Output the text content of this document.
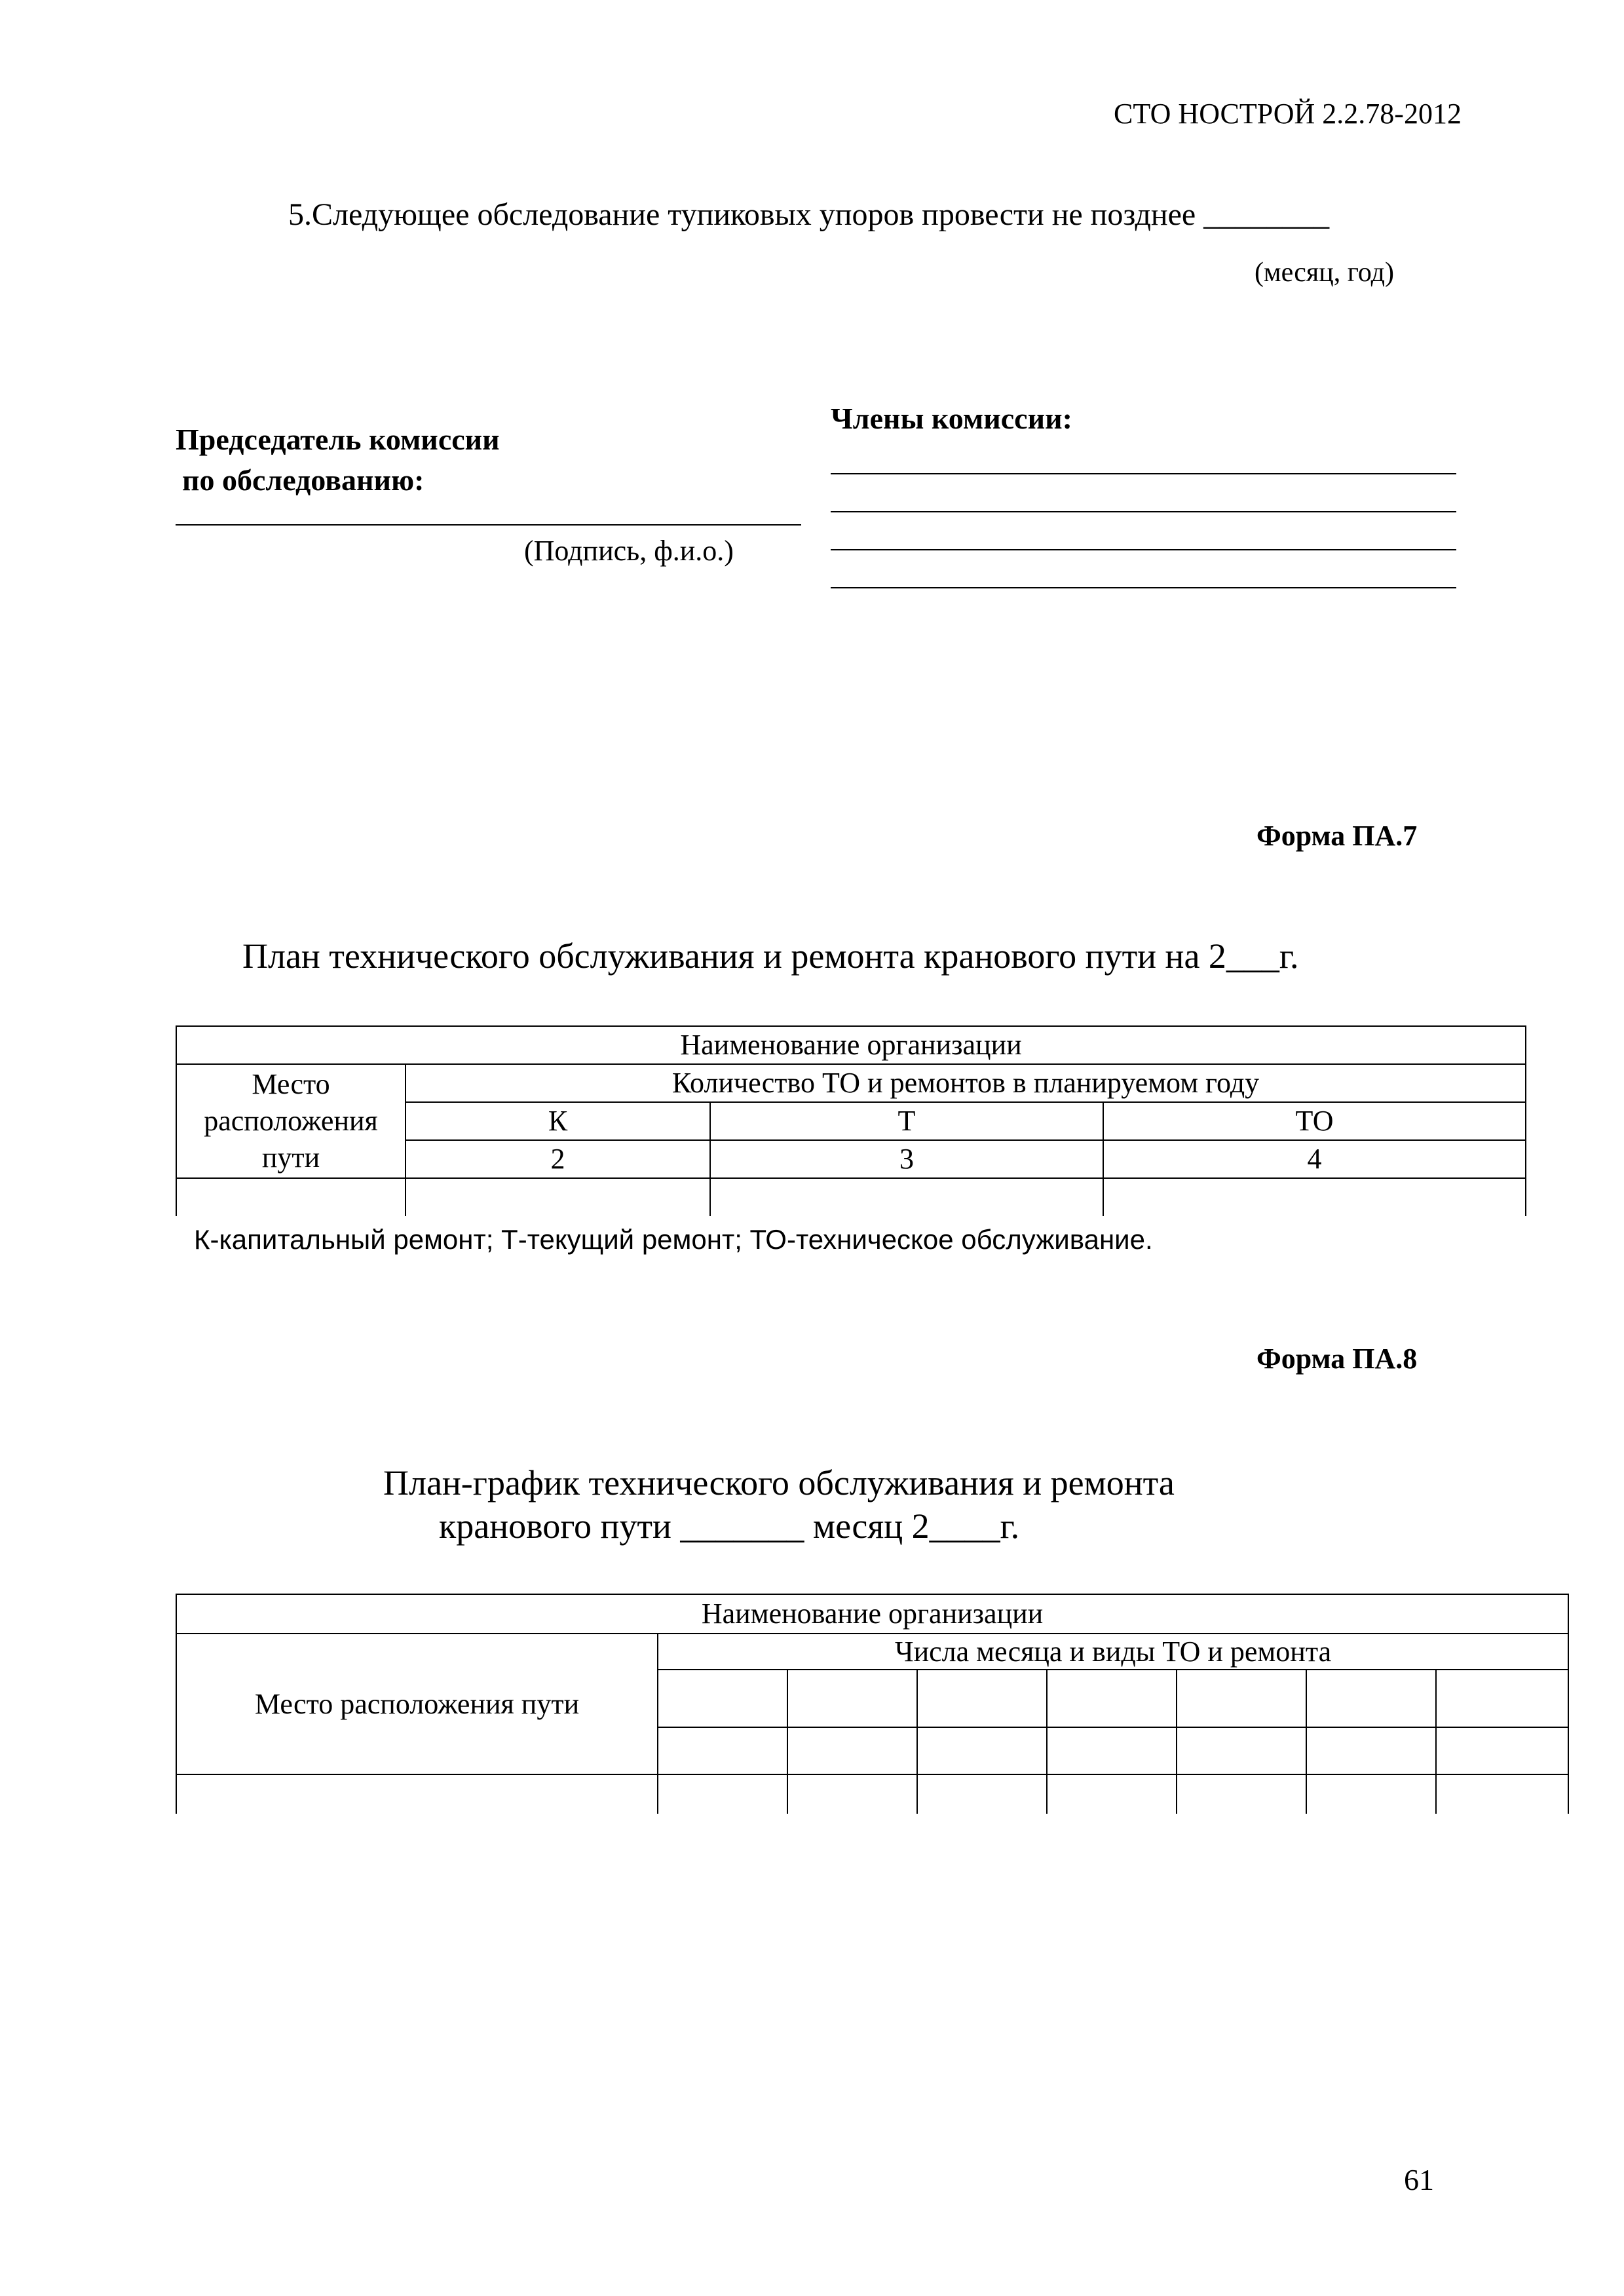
СТО НОСТРОЙ 2.2.78-2012
5.Следующее обследование тупиковых упоров провести не позднее ________
(месяц, год)
Председатель комиссии
по обследованию:
(Подпись, ф.и.о.)
Члены комиссии:
Форма ПА.7
План технического обслуживания и ремонта кранового пути на 2___г.
Наименование организации			

Место
расположения
пути	Количество ТО и ремонтов в планируемом году		
	К	Т	ТО
	2	3	4

К-капитальный ремонт; Т-текущий ремонт; ТО-техническое обслуживание.
Форма ПА.8
План-график технического обслуживания и ремонта
кранового пути _______ месяц 2____г.
Наименование организации							
Место расположения пути	Числа месяца и виды ТО и ремонта						

61
